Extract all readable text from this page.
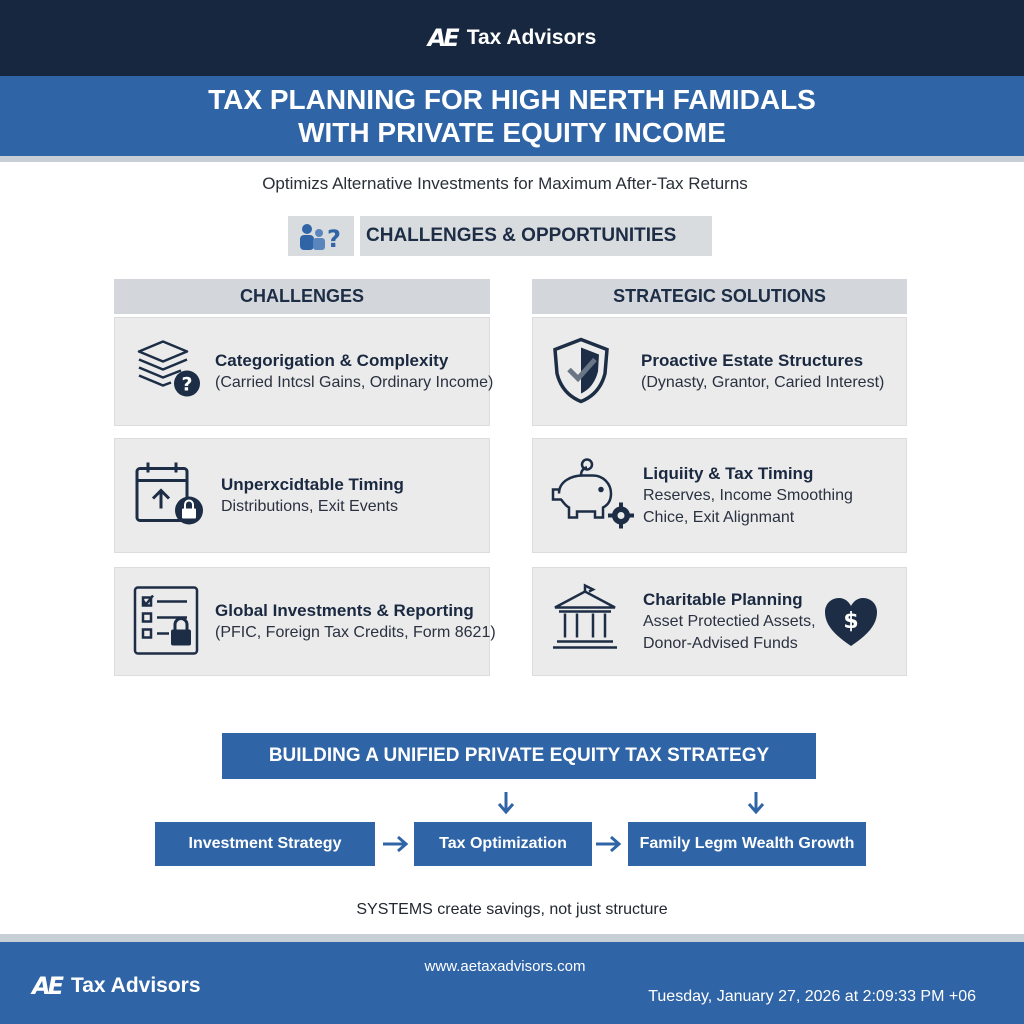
AE Tax Advisors
TAX PLANNING FOR HIGH NERTH FAMIDALS
WITH PRIVATE EQUITY INCOME
Optimizs Alternative Investments for Maximum After-Tax Returns
?	CHALLENGES & OPPORTUNITIES
CHALLENGES	STRATEGIC SOLUTIONS
?
Categorigation & Complexity
(Carried Intcsl Gains, Ordinary Income)
Unperxcidtable Timing
Distributions, Exit Events
Global Investments & Reporting
(PFIC, Foreign Tax Credits, Form 8621)
Proactive Estate Structures
(Dynasty, Grantor, Caried Interest)
Liquiity & Tax Timing
Reserves, Income Smoothing
Chice, Exit Alignmant
Charitable Planning
Asset Protectied Assets,
Donor-Advised Funds
$
BUILDING A UNIFIED PRIVATE EQUITY TAX STRATEGY
Investment Strategy	Tax Optimization	Family Legm Wealth Growth
SYSTEMS create savings, not just structure
www.aetaxadvisors.com
AE Tax Advisors	Tuesday, January 27, 2026 at 2:09:33 PM +06
